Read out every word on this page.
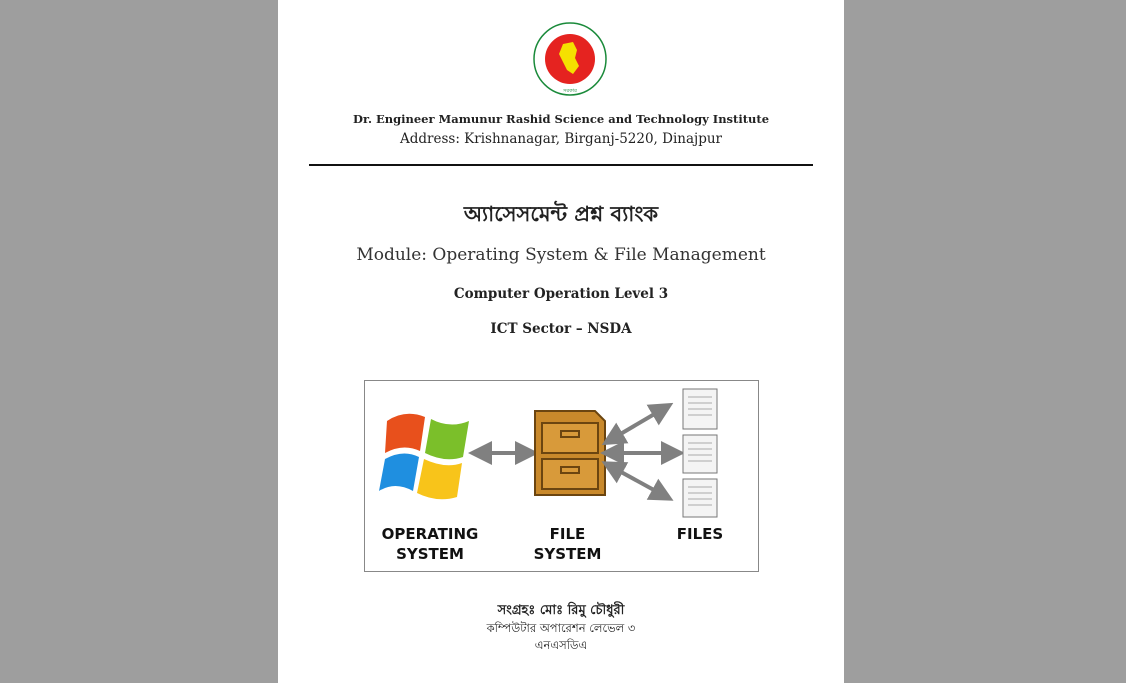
সরকার
Dr. Engineer Mamunur Rashid Science and Technology Institute
Address: Krishnanagar, Birganj-5220, Dinajpur
অ্যাসেসমেন্ট প্রশ্ন ব্যাংক
Module: Operating System & File Management
Computer Operation Level 3
ICT Sector – NSDA
OPERATING
SYSTEM
FILE
SYSTEM
FILES
সংগ্রহঃ মোঃ রিমু চৌধুরী
কম্পিউটার অপারেশন লেভেল ৩
এনএসডিএ
